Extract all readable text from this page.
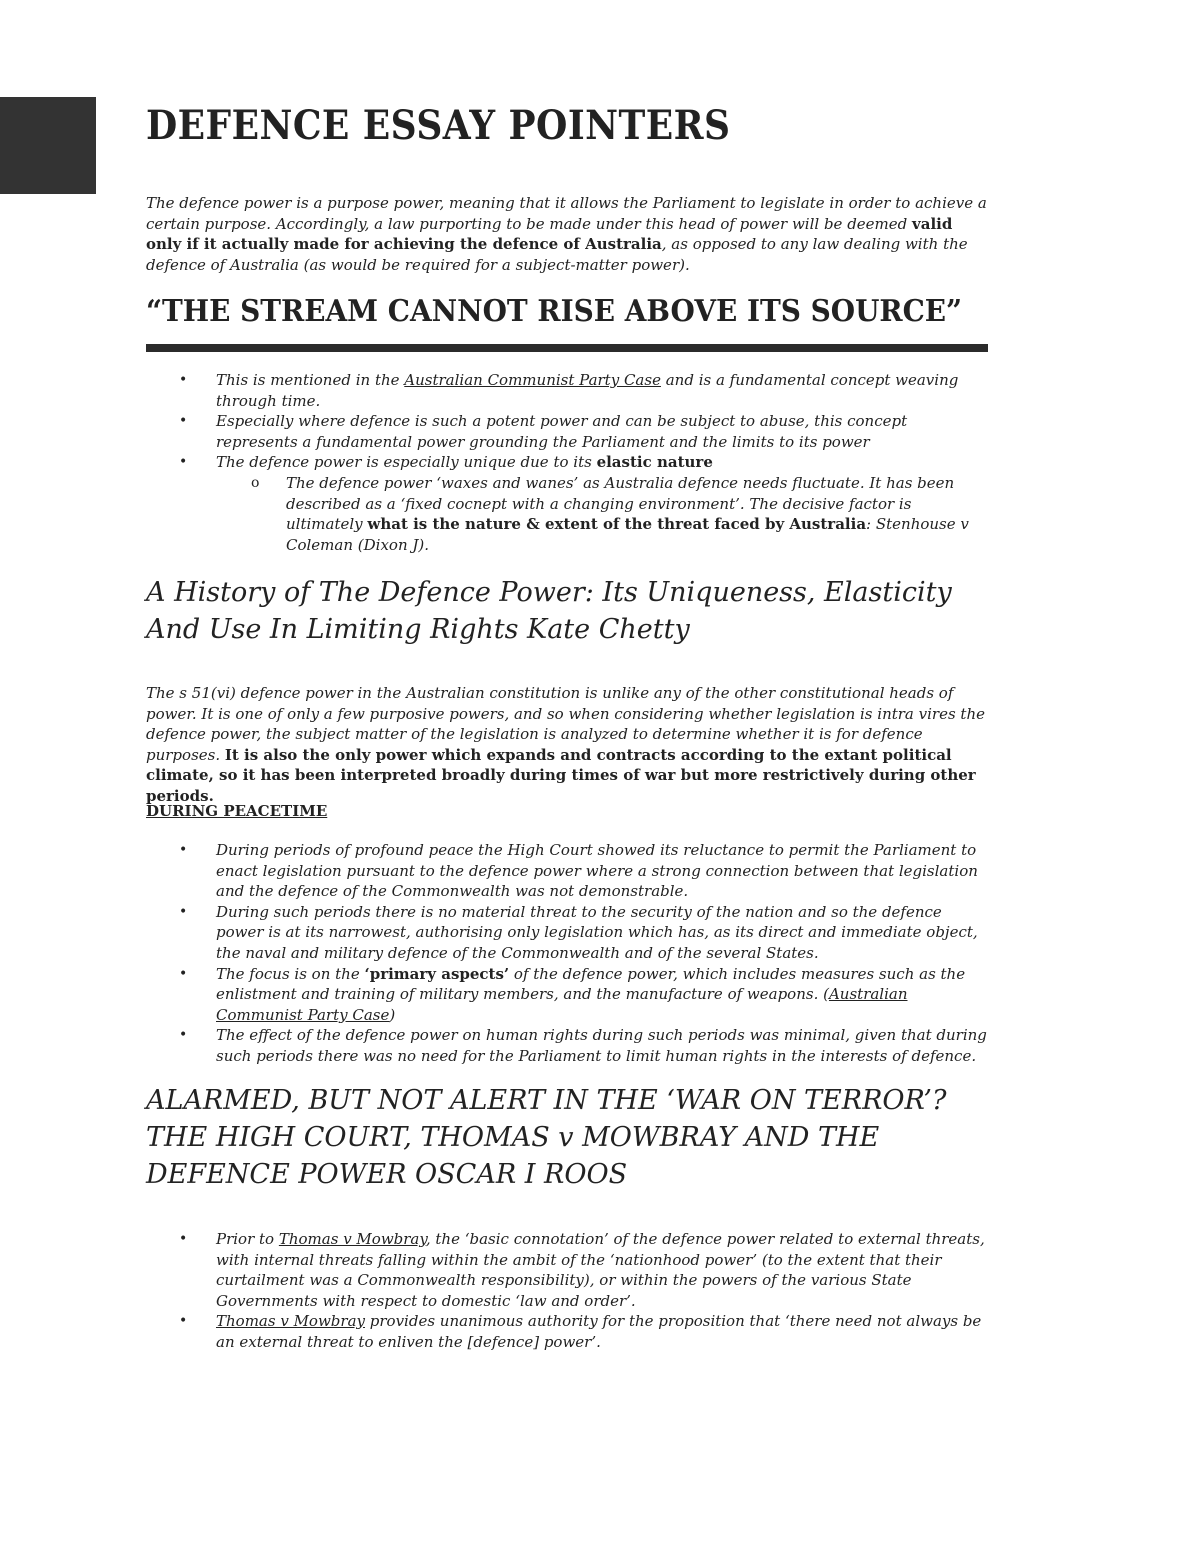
DEFENCE ESSAY POINTERS

The defence power is a purpose power, meaning that it allows the Parliament to legislate in order to achieve a certain purpose. Accordingly, a law purporting to be made under this head of power will be deemed valid only if it actually made for achieving the defence of Australia, as opposed to any law dealing with the defence of Australia (as would be required for a subject-matter power).

“THE STREAM CANNOT RISE ABOVE ITS SOURCE”
• This is mentioned in the Australian Communist Party Case and is a fundamental concept weaving through time.
• Especially where defence is such a potent power and can be subject to abuse, this concept represents a fundamental power grounding the Parliament and the limits to its power
• The defence power is especially unique due to its elastic nature
o The defence power ‘waxes and wanes’ as Australia defence needs fluctuate. It has been described as a ‘fixed cocnept with a changing environment’. The decisive factor is ultimately what is the nature & extent of the threat faced by Australia: Stenhouse v Coleman (Dixon J).
A History of The Defence Power: Its Uniqueness, Elasticity And Use In Limiting Rights Kate Chetty

The s 51(vi) defence power in the Australian constitution is unlike any of the other constitutional heads of power. It is one of only a few purposive powers, and so when considering whether legislation is intra vires the defence power, the subject matter of the legislation is analyzed to determine whether it is for defence purposes. It is also the only power which expands and contracts according to the extant political climate, so it has been interpreted broadly during times of war but more restrictively during other periods.

DURING PEACETIME
• During periods of profound peace the High Court showed its reluctance to permit the Parliament to enact legislation pursuant to the defence power where a strong connection between that legislation and the defence of the Commonwealth was not demonstrable.
• During such periods there is no material threat to the security of the nation and so the defence power is at its narrowest, authorising only legislation which has, as its direct and immediate object, the naval and military defence of the Commonwealth and of the several States.
• The focus is on the ‘primary aspects’ of the defence power, which includes measures such as the enlistment and training of military members, and the manufacture of weapons. (Australian Communist Party Case)
• The effect of the defence power on human rights during such periods was minimal, given that during such periods there was no need for the Parliament to limit human rights in the interests of defence.
ALARMED, BUT NOT ALERT IN THE ‘WAR ON TERROR’? THE HIGH COURT, THOMAS v MOWBRAY AND THE DEFENCE POWER OSCAR I ROOS
• Prior to Thomas v Mowbray, the ‘basic connotation’ of the defence power related to external threats, with internal threats falling within the ambit of the ‘nationhood power’ (to the extent that their curtailment was a Commonwealth responsibility), or within the powers of the various State Governments with respect to domestic ‘law and order’.
• Thomas v Mowbray provides unanimous authority for the proposition that ‘there need not always be an external threat to enliven the [defence] power’.
